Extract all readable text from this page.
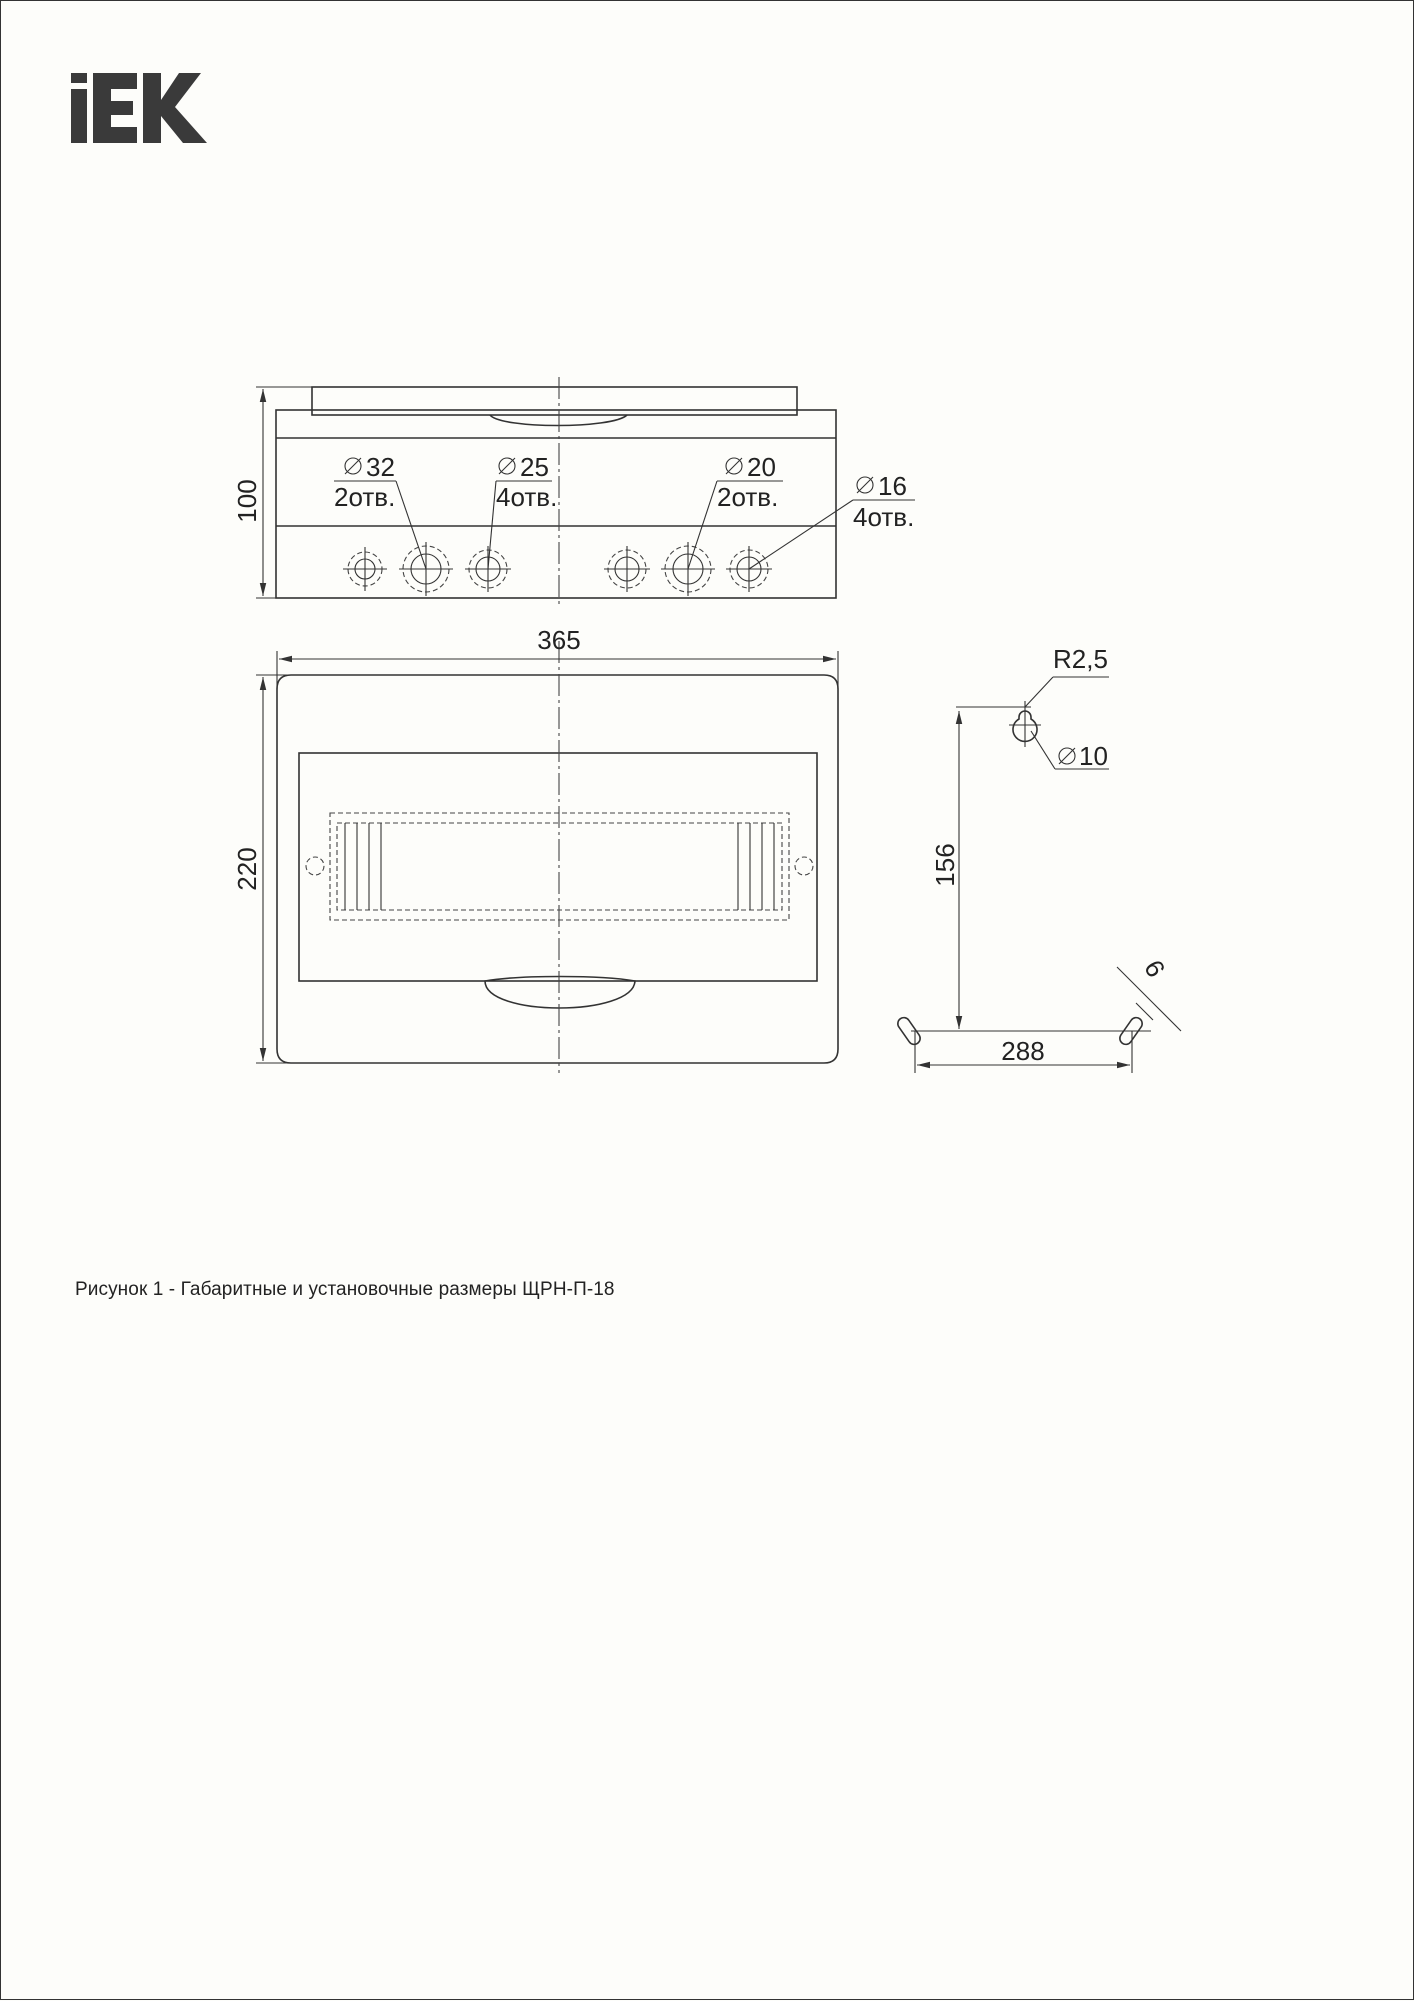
100
32
2отв.
25
4отв.
20
2отв.	16
4отв.
365
220
R2,5
10
156
288
6
Рисунок 1 - Габаритные и установочные размеры ЩРН-П-18
